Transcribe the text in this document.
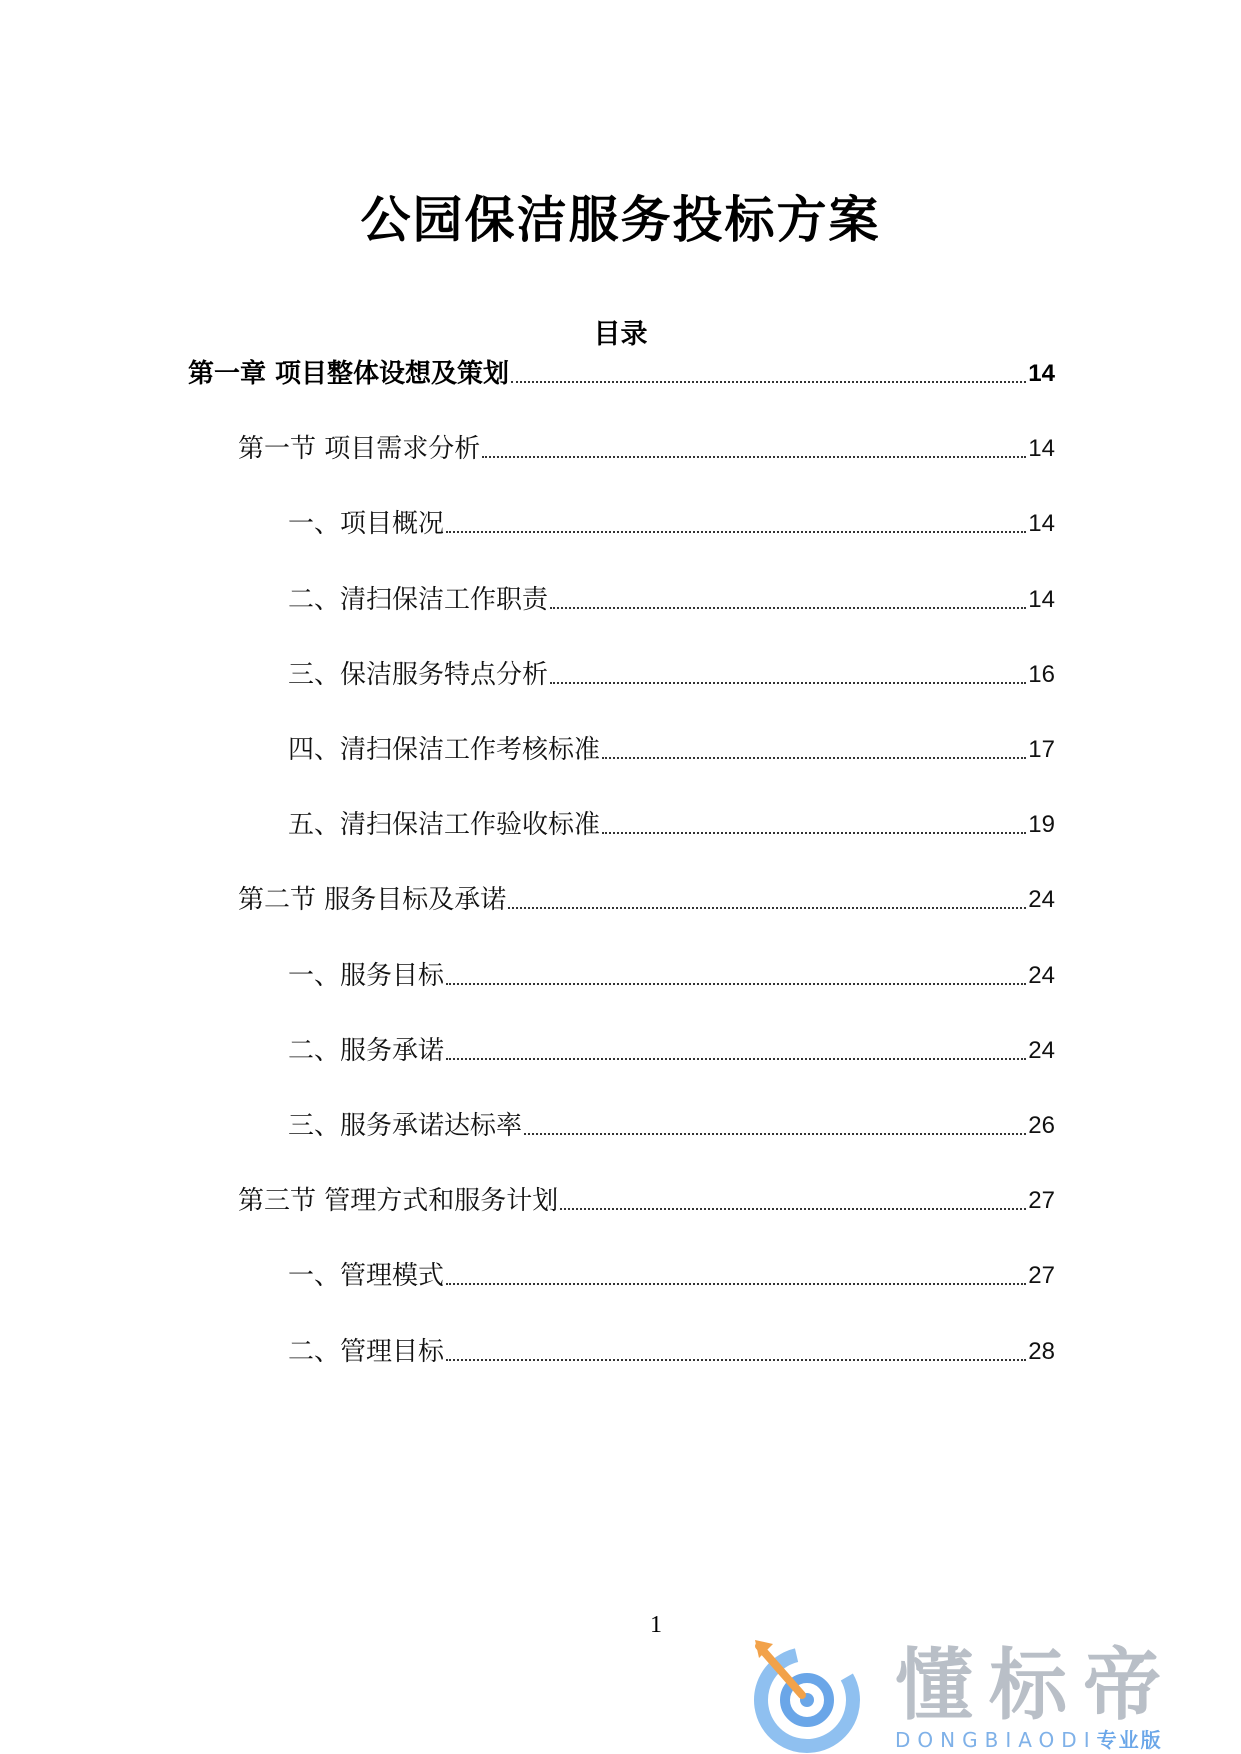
公园保洁服务投标方案
目录
第一章 项目整体设想及策划	14
第一节 项目需求分析	14
一、项目概况	14
二、清扫保洁工作职责	14
三、保洁服务特点分析	16
四、清扫保洁工作考核标准	17
五、清扫保洁工作验收标准	19
第二节 服务目标及承诺	24
一、服务目标	24
二、服务承诺	24
三、服务承诺达标率	26
第三节 管理方式和服务计划	27
一、管理模式	27
二、管理目标	28
1
懂标帝
DONGBIAODI专业版
